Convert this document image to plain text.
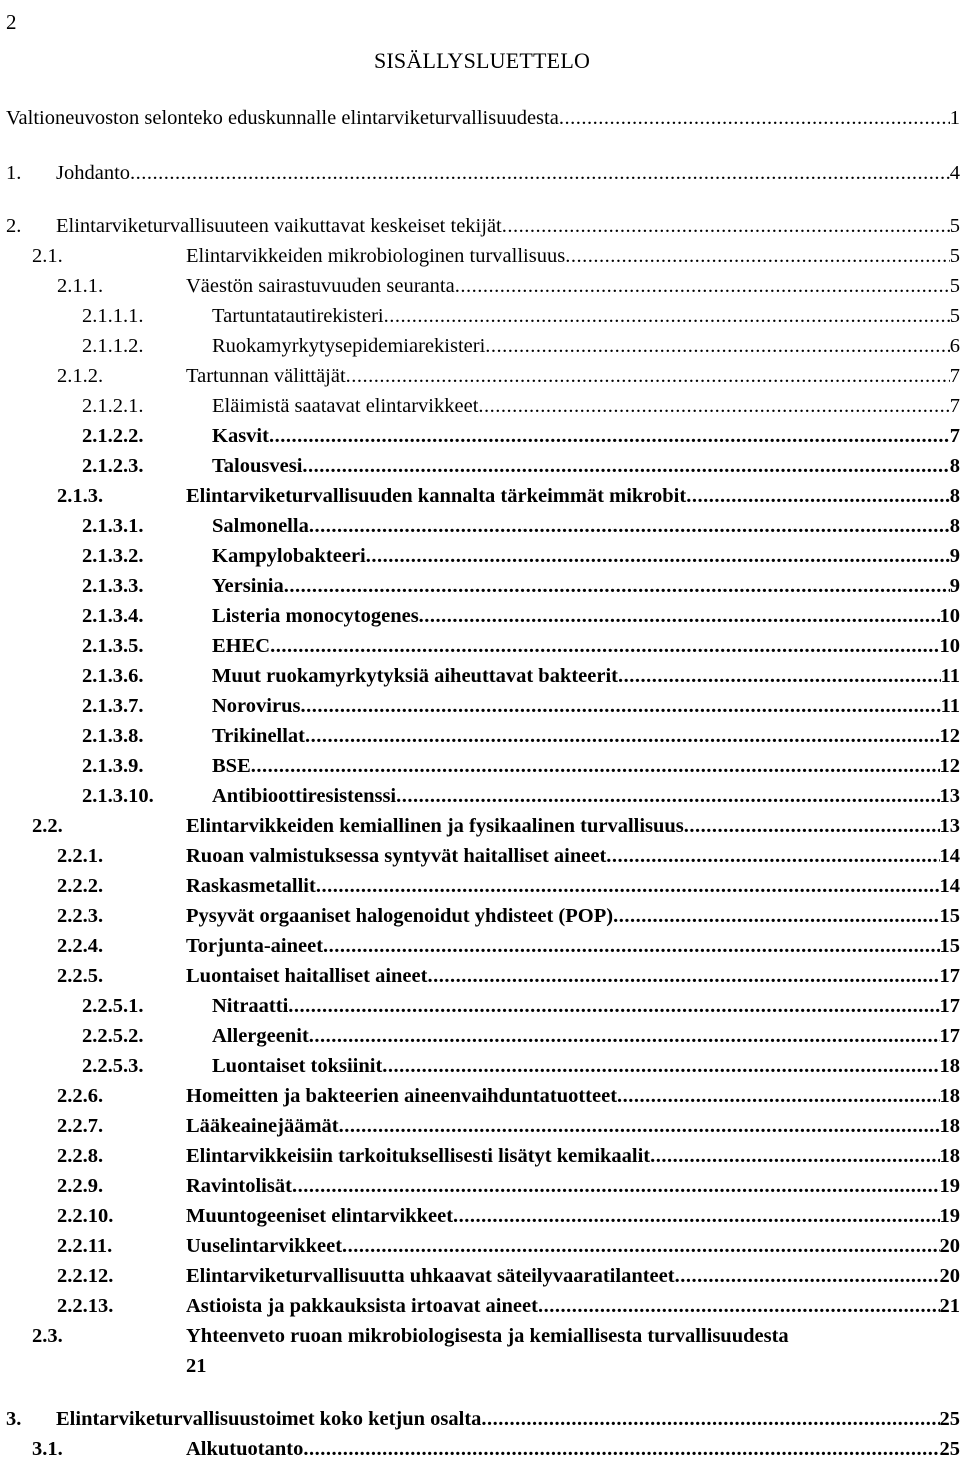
2
SISÄLLYSLUETTELO
Valtioneuvoston selonteko eduskunnalle elintarviketurvallisuudesta .....	1
1.	Johdanto .....	4
2.	Elintarviketurvallisuuteen vaikuttavat keskeiset tekijät .....	5
2.1.	Elintarvikkeiden mikrobiologinen turvallisuus .....	5
2.1.1.	Väestön sairastuvuuden seuranta .....	5
2.1.1.1.	Tartuntatautirekisteri .....	5
2.1.1.2.	Ruokamyrkytysepidemiarekisteri .....	6
2.1.2.	Tartunnan välittäjät .....	7
2.1.2.1.	Eläimistä saatavat elintarvikkeet .....	7
2.1.2.2.	Kasvit .....	7
2.1.2.3.	Talousvesi .....	8
2.1.3.	Elintarviketurvallisuuden kannalta tärkeimmät mikrobit .....	8
2.1.3.1.	Salmonella .....	8
2.1.3.2.	Kampylobakteeri .....	9
2.1.3.3.	Yersinia .....	9
2.1.3.4.	Listeria monocytogenes .....	10
2.1.3.5.	EHEC .....	10
2.1.3.6.	Muut ruokamyrkytyksiä aiheuttavat bakteerit .....	11
2.1.3.7.	Norovirus .....	11
2.1.3.8.	Trikinellat .....	12
2.1.3.9.	BSE .....	12
2.1.3.10.	Antibioottiresistenssi .....	13
2.2.	Elintarvikkeiden kemiallinen ja fysikaalinen turvallisuus .....	13
2.2.1.	Ruoan valmistuksessa syntyvät haitalliset aineet .....	14
2.2.2.	Raskasmetallit .....	14
2.2.3.	Pysyvät orgaaniset halogenoidut yhdisteet (POP) .....	15
2.2.4.	Torjunta-aineet .....	15
2.2.5.	Luontaiset haitalliset aineet .....	17
2.2.5.1.	Nitraatti .....	17
2.2.5.2.	Allergeenit .....	17
2.2.5.3.	Luontaiset toksiinit .....	18
2.2.6.	Homeitten ja bakteerien aineenvaihduntatuotteet .....	18
2.2.7.	Lääkeainejäämät .....	18
2.2.8.	Elintarvikkeisiin tarkoituksellisesti lisätyt kemikaalit .....	18
2.2.9.	Ravintolisät .....	19
2.2.10.	Muuntogeeniset elintarvikkeet .....	19
2.2.11.	Uuselintarvikkeet .....	20
2.2.12.	Elintarviketurvallisuutta uhkaavat säteilyvaaratilanteet .....	20
2.2.13.	Astioista ja pakkauksista irtoavat aineet .....	21
2.3.	Yhteenveto ruoan mikrobiologisesta ja kemiallisesta turvallisuudesta
21
3.	Elintarviketurvallisuustoimet koko ketjun osalta .....	25
3.1.	Alkutuotanto .....	25
